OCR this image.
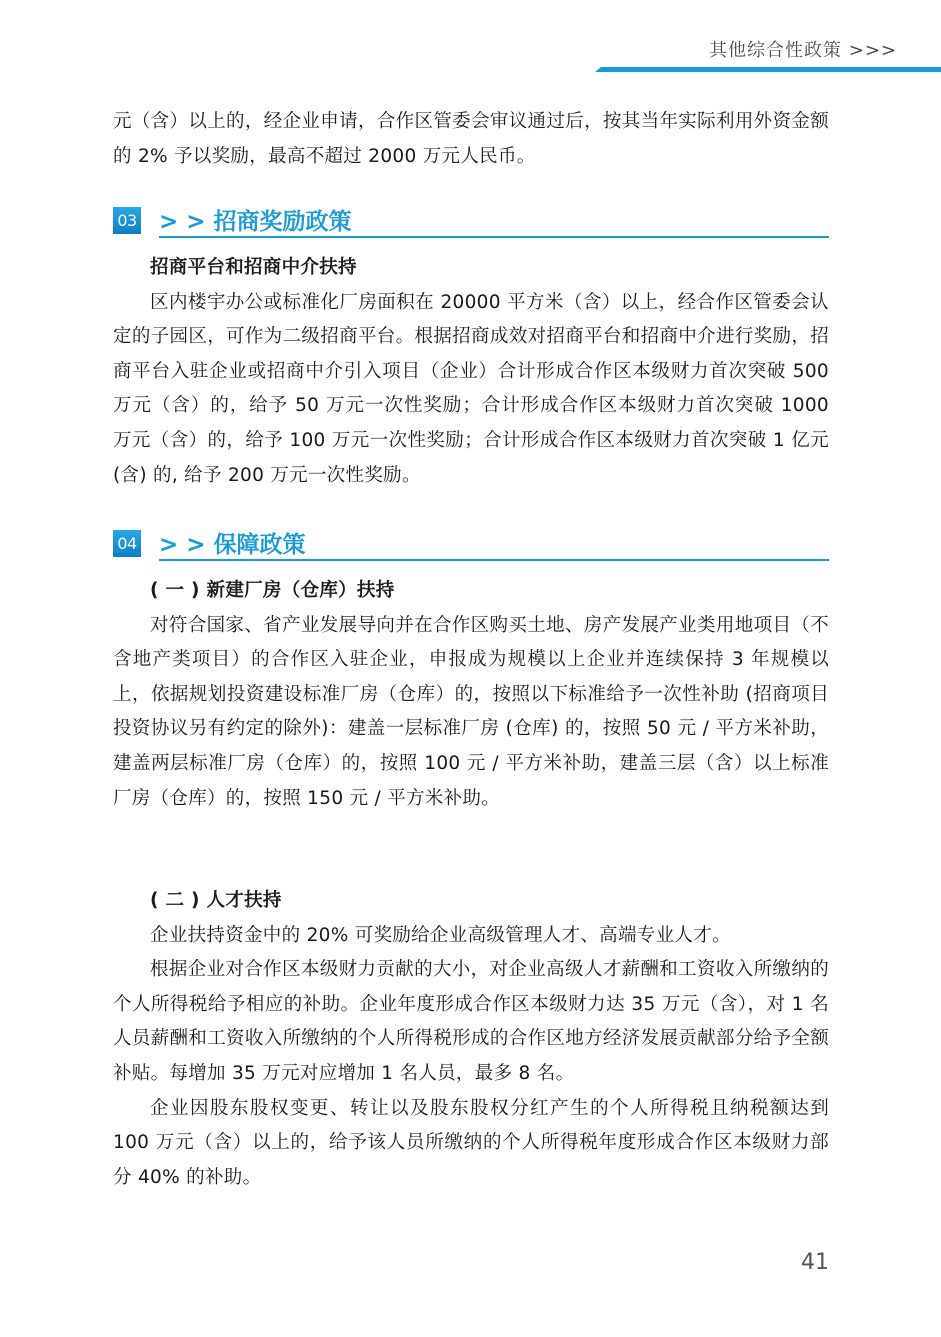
其他综合性政策 >>>

元（含）以上的，经企业申请，合作区管委会审议通过后，按其当年实际利用外资金额的 2% 予以奖励，最高不超过 2000 万元人民币。

03 > > 招商奖励政策

招商平台和招商中介扶持

区内楼宇办公或标准化厂房面积在 20000 平方米（含）以上，经合作区管委会认定的子园区，可作为二级招商平台。根据招商成效对招商平台和招商中介进行奖励，招商平台入驻企业或招商中介引入项目（企业）合计形成合作区本级财力首次突破 500 万元（含）的，给予 50 万元一次性奖励；合计形成合作区本级财力首次突破 1000 万元（含）的，给予 100 万元一次性奖励；合计形成合作区本级财力首次突破 1 亿元 (含) 的, 给予 200 万元一次性奖励。

04 > > 保障政策

( 一 ) 新建厂房（仓库）扶持

对符合国家、省产业发展导向并在合作区购买土地、房产发展产业类用地项目（不含地产类项目）的合作区入驻企业，申报成为规模以上企业并连续保持 3 年规模以上，依据规划投资建设标准厂房（仓库）的，按照以下标准给予一次性补助 (招商项目投资协议另有约定的除外)：建盖一层标准厂房 (仓库) 的，按照 50 元 / 平方米补助，建盖两层标准厂房（仓库）的，按照 100 元 / 平方米补助，建盖三层（含）以上标准厂房（仓库）的，按照 150 元 / 平方米补助。

( 二 ) 人才扶持

企业扶持资金中的 20% 可奖励给企业高级管理人才、高端专业人才。

根据企业对合作区本级财力贡献的大小，对企业高级人才薪酬和工资收入所缴纳的个人所得税给予相应的补助。企业年度形成合作区本级财力达 35 万元（含），对 1 名人员薪酬和工资收入所缴纳的个人所得税形成的合作区地方经济发展贡献部分给予全额补贴。每增加 35 万元对应增加 1 名人员，最多 8 名。

企业因股东股权变更、转让以及股东股权分红产生的个人所得税且纳税额达到 100 万元（含）以上的，给予该人员所缴纳的个人所得税年度形成合作区本级财力部分 40% 的补助。

41
